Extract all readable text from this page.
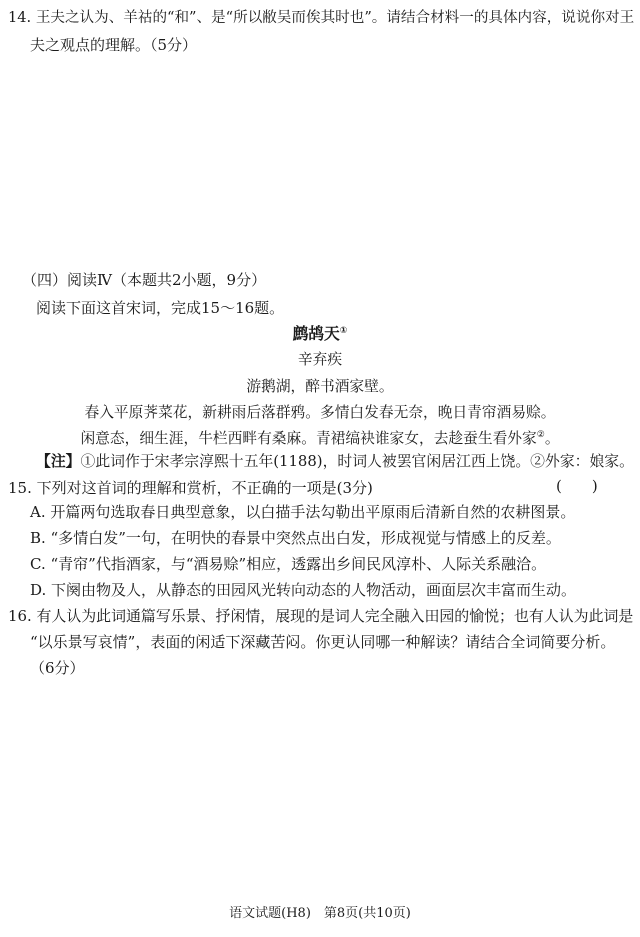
14. 王夫之认为、羊祜的“和”、是“所以敝吴而俟其时也”。请结合材料一的具体内容，说说你对王
夫之观点的理解。（5分）
（四）阅读Ⅳ（本题共2小题，9分）
阅读下面这首宋词，完成15～16题。
鹧鸪天①
辛弃疾
游鹅湖，醉书酒家壁。
春入平原荠菜花，新耕雨后落群鸦。多情白发春无奈，晚日青帘酒易赊。
闲意态，细生涯，牛栏西畔有桑麻。青裙缟袂谁家女，去趁蚕生看外家②。
【注】①此词作于宋孝宗淳熙十五年(1188)，时词人被罢官闲居江西上饶。②外家：娘家。
15. 下列对这首词的理解和赏析，不正确的一项是(3分)	(　　)
A. 开篇两句选取春日典型意象，以白描手法勾勒出平原雨后清新自然的农耕图景。
B. “多情白发”一句，在明快的春景中突然点出白发，形成视觉与情感上的反差。
C. “青帘”代指酒家，与“酒易赊”相应，透露出乡间民风淳朴、人际关系融洽。
D. 下阕由物及人，从静态的田园风光转向动态的人物活动，画面层次丰富而生动。
16. 有人认为此词通篇写乐景、抒闲情，展现的是词人完全融入田园的愉悦；也有人认为此词是
“以乐景写哀情”，表面的闲适下深藏苦闷。你更认同哪一种解读？请结合全词简要分析。
（6分）
语文试题(H8)　第8页(共10页)
